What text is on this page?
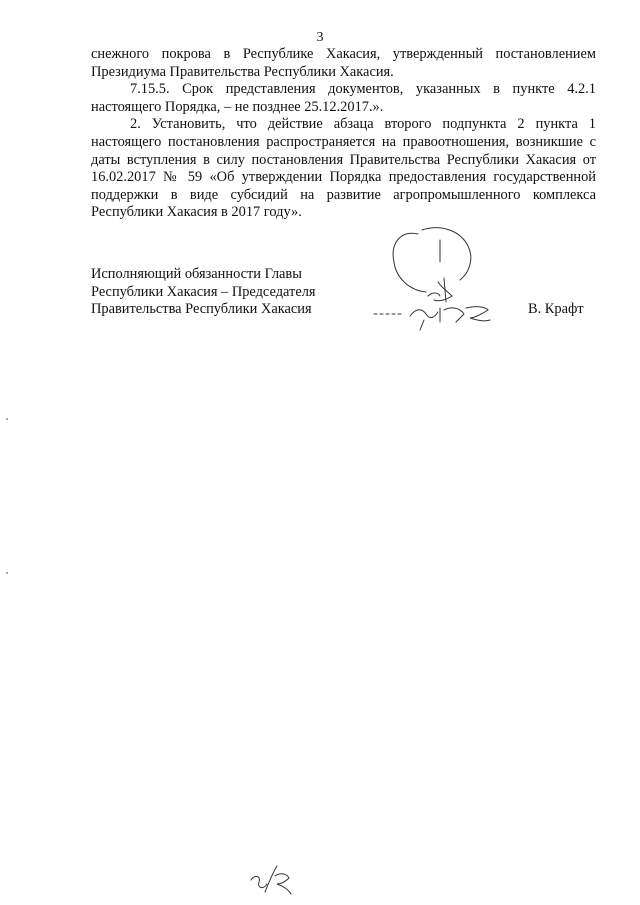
3

снежного покрова в Республике Хакасия, утвержденный постановлением

Президиума Правительства Республики Хакасия.

7.15.5. Срок представления документов, указанных в пункте 4.2.1

настоящего Порядка, – не позднее 25.12.2017.».

2. Установить, что действие абзаца второго подпункта 2 пункта 1 настоящего постановления распространяется на правоотношения, возникшие с даты вступления в силу постановления Правительства Республики Хакасия от 16.02.2017 № 59 «Об утверждении Порядка предоставления государственной поддержки в виде субсидий на развитие агропромышленного комплекса Республики Хакасия в 2017 году».

Исполняющий обязанности Главы
Республики Хакасия – Председателя
Правительства Республики Хакасия	В. Крафт
